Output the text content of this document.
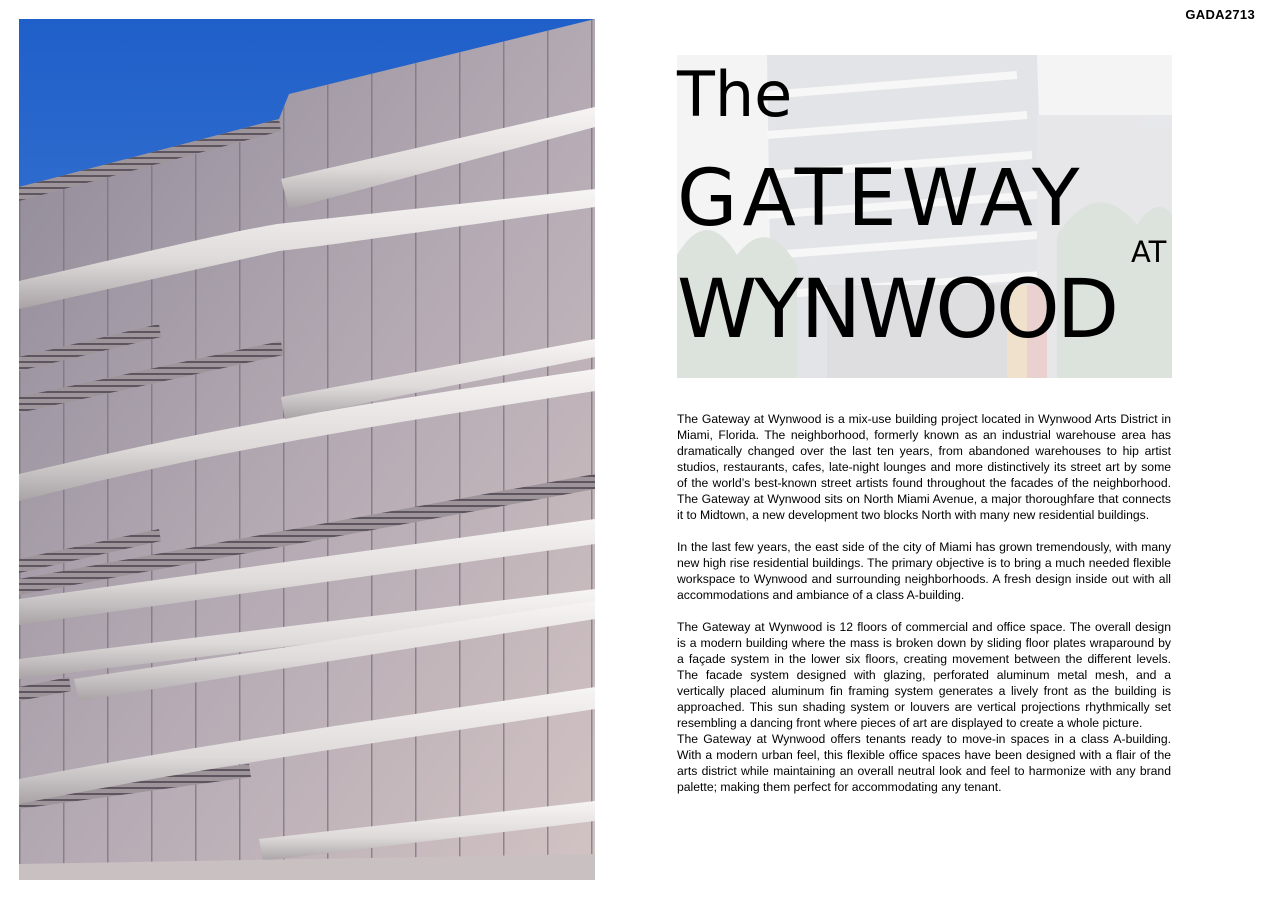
GADA2713
The
GATEWAY
AT
WYNWOOD

The Gateway at Wynwood is a mix-use building project located in Wynwood Arts District in Miami, Florida. The neighborhood, formerly known as an industrial warehouse area has dramatically changed over the last ten years, from abandoned warehouses to hip artist studios, restaurants, cafes, late-night lounges and more distinctively its street art by some of the world’s best-known street artists found throughout the facades of the neighborhood. The Gateway at Wynwood sits on North Miami Avenue, a major thoroughfare that connects it to Midtown, a new development two blocks North with many new residential buildings.

In the last few years, the east side of the city of Miami has grown tremendously, with many new high rise residential buildings. The primary objective is to bring a much needed flexible workspace to Wynwood and surrounding neighborhoods. A fresh design inside out with all accommodations and ambiance of a class A-building.

The Gateway at Wynwood is 12 floors of commercial and office space. The overall design is a modern building where the mass is broken down by sliding floor plates wraparound by a façade system in the lower six floors, creating movement between the different levels. The facade system designed with glazing, perforated aluminum metal mesh, and a vertically placed aluminum fin framing system generates a lively front as the building is approached. This sun shading system or louvers are vertical projections rhythmically set resembling a dancing front where pieces of art are displayed to create a whole picture.

The Gateway at Wynwood offers tenants ready to move-in spaces in a class A-building. With a modern urban feel, this flexible office spaces have been designed with a flair of the arts district while maintaining an overall neutral look and feel to harmonize with any brand palette; making them perfect for accommodating any tenant.
